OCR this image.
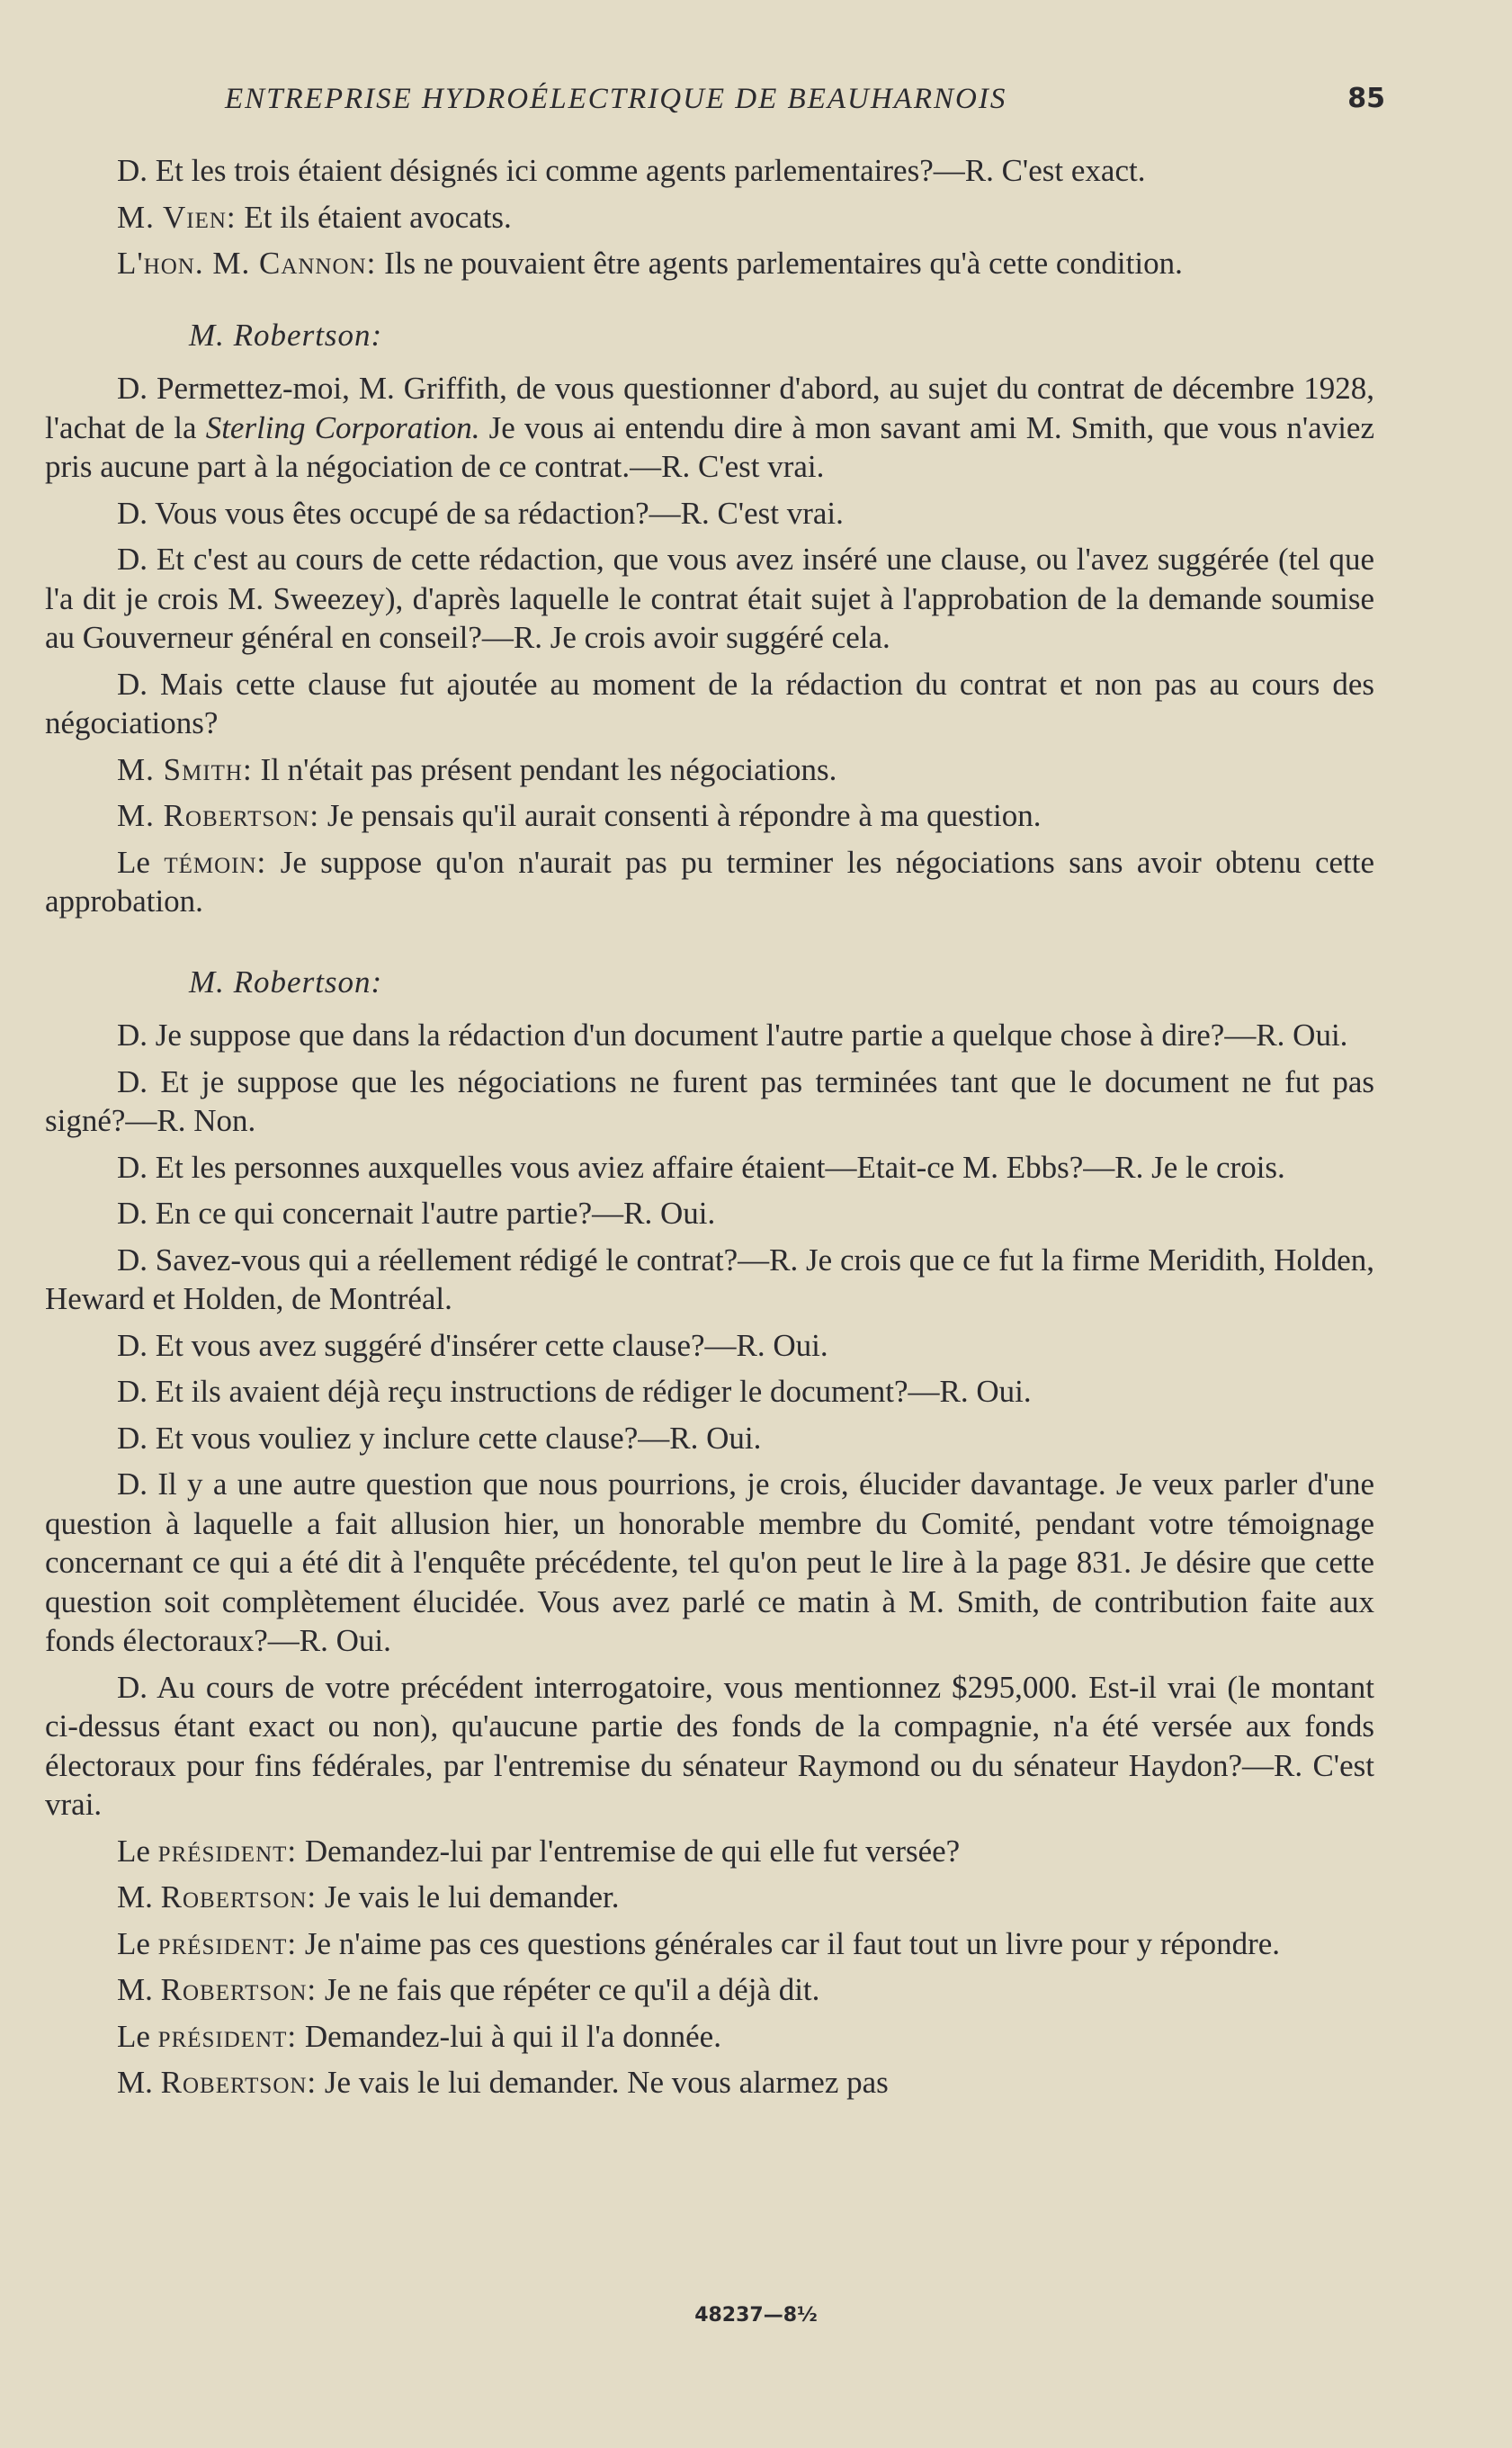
ENTREPRISE HYDROÉLECTRIQUE DE BEAUHARNOIS	85

D. Et les trois étaient désignés ici comme agents parlementaires?—R. C'est exact.

M. Vien: Et ils étaient avocats.

L'hon. M. Cannon: Ils ne pouvaient être agents parlementaires qu'à cette condition.

M. Robertson:

D. Permettez-moi, M. Griffith, de vous questionner d'abord, au sujet du contrat de décembre 1928, l'achat de la Sterling Corporation. Je vous ai entendu dire à mon savant ami M. Smith, que vous n'aviez pris aucune part à la négociation de ce contrat.—R. C'est vrai.

D. Vous vous êtes occupé de sa rédaction?—R. C'est vrai.

D. Et c'est au cours de cette rédaction, que vous avez inséré une clause, ou l'avez suggérée (tel que l'a dit je crois M. Sweezey), d'après laquelle le contrat était sujet à l'approbation de la demande soumise au Gouverneur général en conseil?—R. Je crois avoir suggéré cela.

D. Mais cette clause fut ajoutée au moment de la rédaction du contrat et non pas au cours des négociations?

M. Smith: Il n'était pas présent pendant les négociations.

M. Robertson: Je pensais qu'il aurait consenti à répondre à ma question.

Le témoin: Je suppose qu'on n'aurait pas pu terminer les négociations sans avoir obtenu cette approbation.

M. Robertson:

D. Je suppose que dans la rédaction d'un document l'autre partie a quelque chose à dire?—R. Oui.

D. Et je suppose que les négociations ne furent pas terminées tant que le document ne fut pas signé?—R. Non.

D. Et les personnes auxquelles vous aviez affaire étaient—Etait-ce M. Ebbs?—R. Je le crois.

D. En ce qui concernait l'autre partie?—R. Oui.

D. Savez-vous qui a réellement rédigé le contrat?—R. Je crois que ce fut la firme Meridith, Holden, Heward et Holden, de Montréal.

D. Et vous avez suggéré d'insérer cette clause?—R. Oui.

D. Et ils avaient déjà reçu instructions de rédiger le document?—R. Oui.

D. Et vous vouliez y inclure cette clause?—R. Oui.

D. Il y a une autre question que nous pourrions, je crois, élucider davantage. Je veux parler d'une question à laquelle a fait allusion hier, un honorable membre du Comité, pendant votre témoignage concernant ce qui a été dit à l'enquête précédente, tel qu'on peut le lire à la page 831. Je désire que cette question soit complètement élucidée. Vous avez parlé ce matin à M. Smith, de contribution faite aux fonds électoraux?—R. Oui.

D. Au cours de votre précédent interrogatoire, vous mentionnez $295,000. Est-il vrai (le montant ci-dessus étant exact ou non), qu'aucune partie des fonds de la compagnie, n'a été versée aux fonds électoraux pour fins fédérales, par l'entremise du sénateur Raymond ou du sénateur Haydon?—R. C'est vrai.

Le président: Demandez-lui par l'entremise de qui elle fut versée?

M. Robertson: Je vais le lui demander.

Le président: Je n'aime pas ces questions générales car il faut tout un livre pour y répondre.

M. Robertson: Je ne fais que répéter ce qu'il a déjà dit.

Le président: Demandez-lui à qui il l'a donnée.

M. Robertson: Je vais le lui demander. Ne vous alarmez pas

48237—8½
